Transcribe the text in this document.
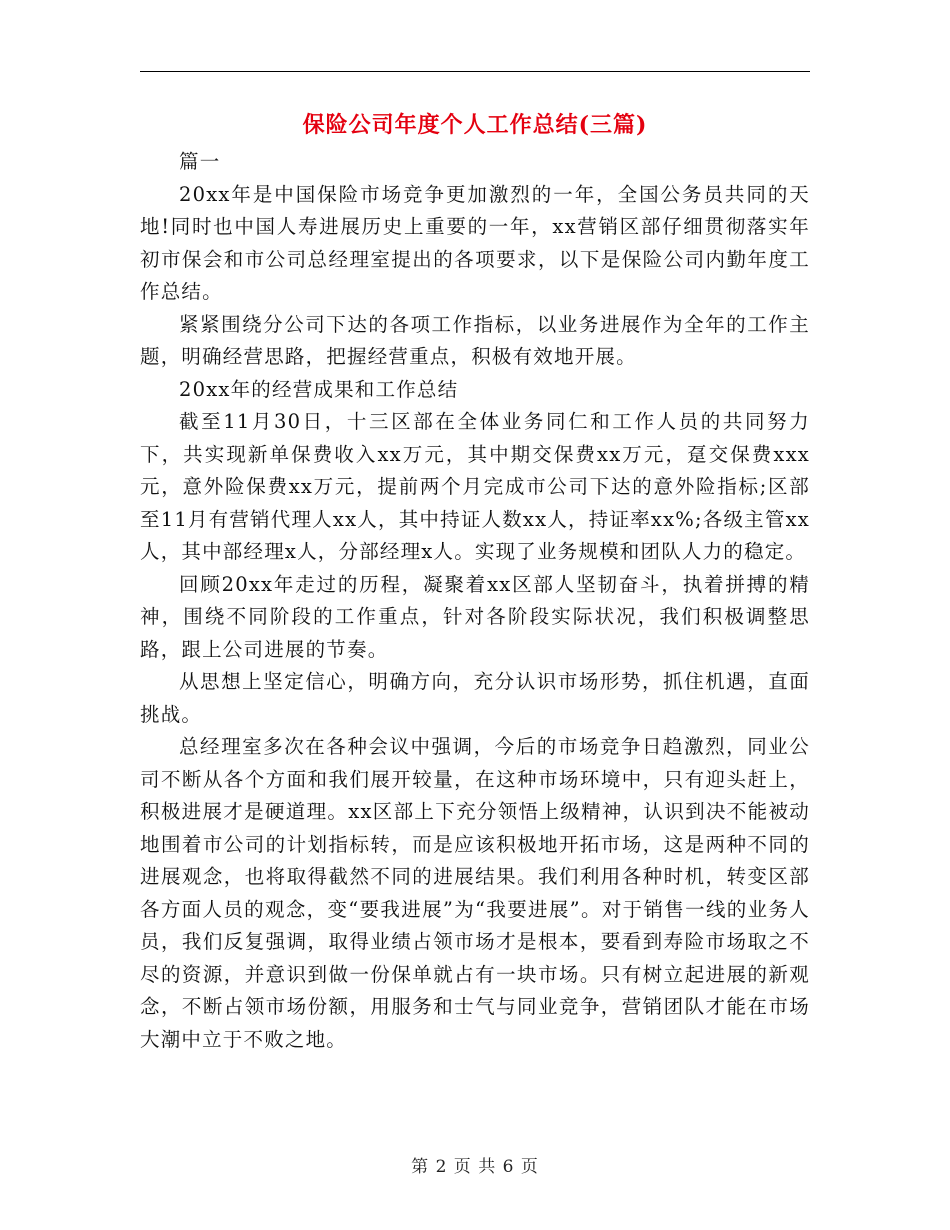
保险公司年度个人工作总结(三篇)

篇一

20xx年是中国保险市场竞争更加激烈的一年，全国公务员共同的天地!同时也中国人寿进展历史上重要的一年，xx营销区部仔细贯彻落实年初市保会和市公司总经理室提出的各项要求，以下是保险公司内勤年度工作总结。

紧紧围绕分公司下达的各项工作指标，以业务进展作为全年的工作主题，明确经营思路，把握经营重点，积极有效地开展。

20xx年的经营成果和工作总结

截至11月30日，十三区部在全体业务同仁和工作人员的共同努力下，共实现新单保费收入xx万元，其中期交保费xx万元，趸交保费xxx元，意外险保费xx万元，提前两个月完成市公司下达的意外险指标;区部至11月有营销代理人xx人，其中持证人数xx人，持证率xx%;各级主管xx人，其中部经理x人，分部经理x人。实现了业务规模和团队人力的稳定。

回顾20xx年走过的历程，凝聚着xx区部人坚韧奋斗，执着拼搏的精神，围绕不同阶段的工作重点，针对各阶段实际状况，我们积极调整思路，跟上公司进展的节奏。

从思想上坚定信心，明确方向，充分认识市场形势，抓住机遇，直面挑战。

总经理室多次在各种会议中强调，今后的市场竞争日趋激烈，同业公司不断从各个方面和我们展开较量，在这种市场环境中，只有迎头赶上，积极进展才是硬道理。xx区部上下充分领悟上级精神，认识到决不能被动地围着市公司的计划指标转，而是应该积极地开拓市场，这是两种不同的进展观念，也将取得截然不同的进展结果。我们利用各种时机，转变区部各方面人员的观念，变“要我进展”为“我要进展”。对于销售一线的业务人员，我们反复强调，取得业绩占领市场才是根本，要看到寿险市场取之不尽的资源，并意识到做一份保单就占有一块市场。只有树立起进展的新观念，不断占领市场份额，用服务和士气与同业竞争，营销团队才能在市场大潮中立于不败之地。

第 2 页 共 6 页
